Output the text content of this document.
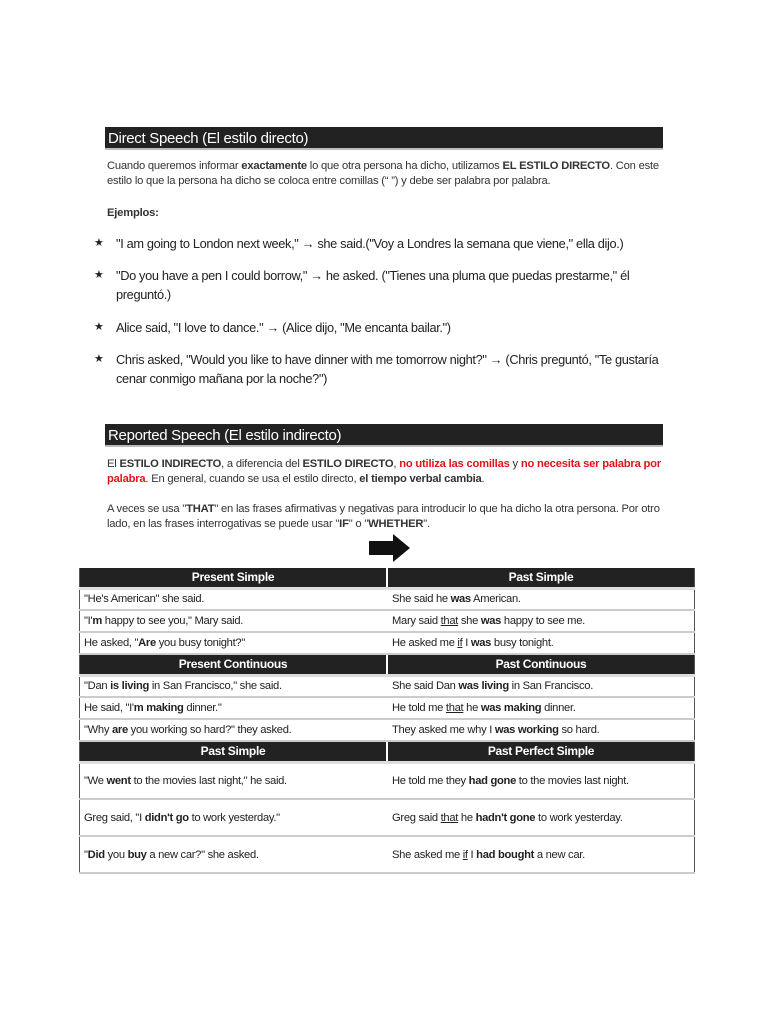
Direct Speech (El estilo directo)

Cuando queremos informar exactamente lo que otra persona ha dicho, utilizamos EL ESTILO DIRECTO. Con este estilo lo que la persona ha dicho se coloca entre comillas (“ ”) y debe ser palabra por palabra.

Ejemplos:

★ "I am going to London next week," → she said.("Voy a Londres la semana que viene," ella dijo.)
★ "Do you have a pen I could borrow," → he asked. ("Tienes una pluma que puedas prestarme," él preguntó.)
★ Alice said, "I love to dance." → (Alice dijo, "Me encanta bailar.")
★ Chris asked, "Would you like to have dinner with me tomorrow night?" → (Chris preguntó, "Te gustaría cenar conmigo mañana por la noche?")
Reported Speech (El estilo indirecto)

El ESTILO INDIRECTO, a diferencia del ESTILO DIRECTO, no utiliza las comillas y no necesita ser palabra por palabra. En general, cuando se usa el estilo directo, el tiempo verbal cambia.

A veces se usa "THAT" en las frases afirmativas y negativas para introducir lo que ha dicho la otra persona. Por otro lado, en las frases interrogativas se puede usar "IF" o "WHETHER".

Present Simple	Past Simple
"He's American" she said.	She said he was American.
"I'm happy to see you," Mary said.	Mary said that she was happy to see me.
He asked, "Are you busy tonight?"	He asked me if I was busy tonight.
Present Continuous	Past Continuous
"Dan is living in San Francisco," she said.	She said Dan was living in San Francisco.
He said, "I'm making dinner."	He told me that he was making dinner.
"Why are you working so hard?" they asked.	They asked me why I was working so hard.
Past Simple	Past Perfect Simple
"We went to the movies last night," he said.	He told me they had gone to the movies last night.
Greg said, "I didn't go to work yesterday."	Greg said that he hadn't gone to work yesterday.
"Did you buy a new car?" she asked.	She asked me if I had bought a new car.
